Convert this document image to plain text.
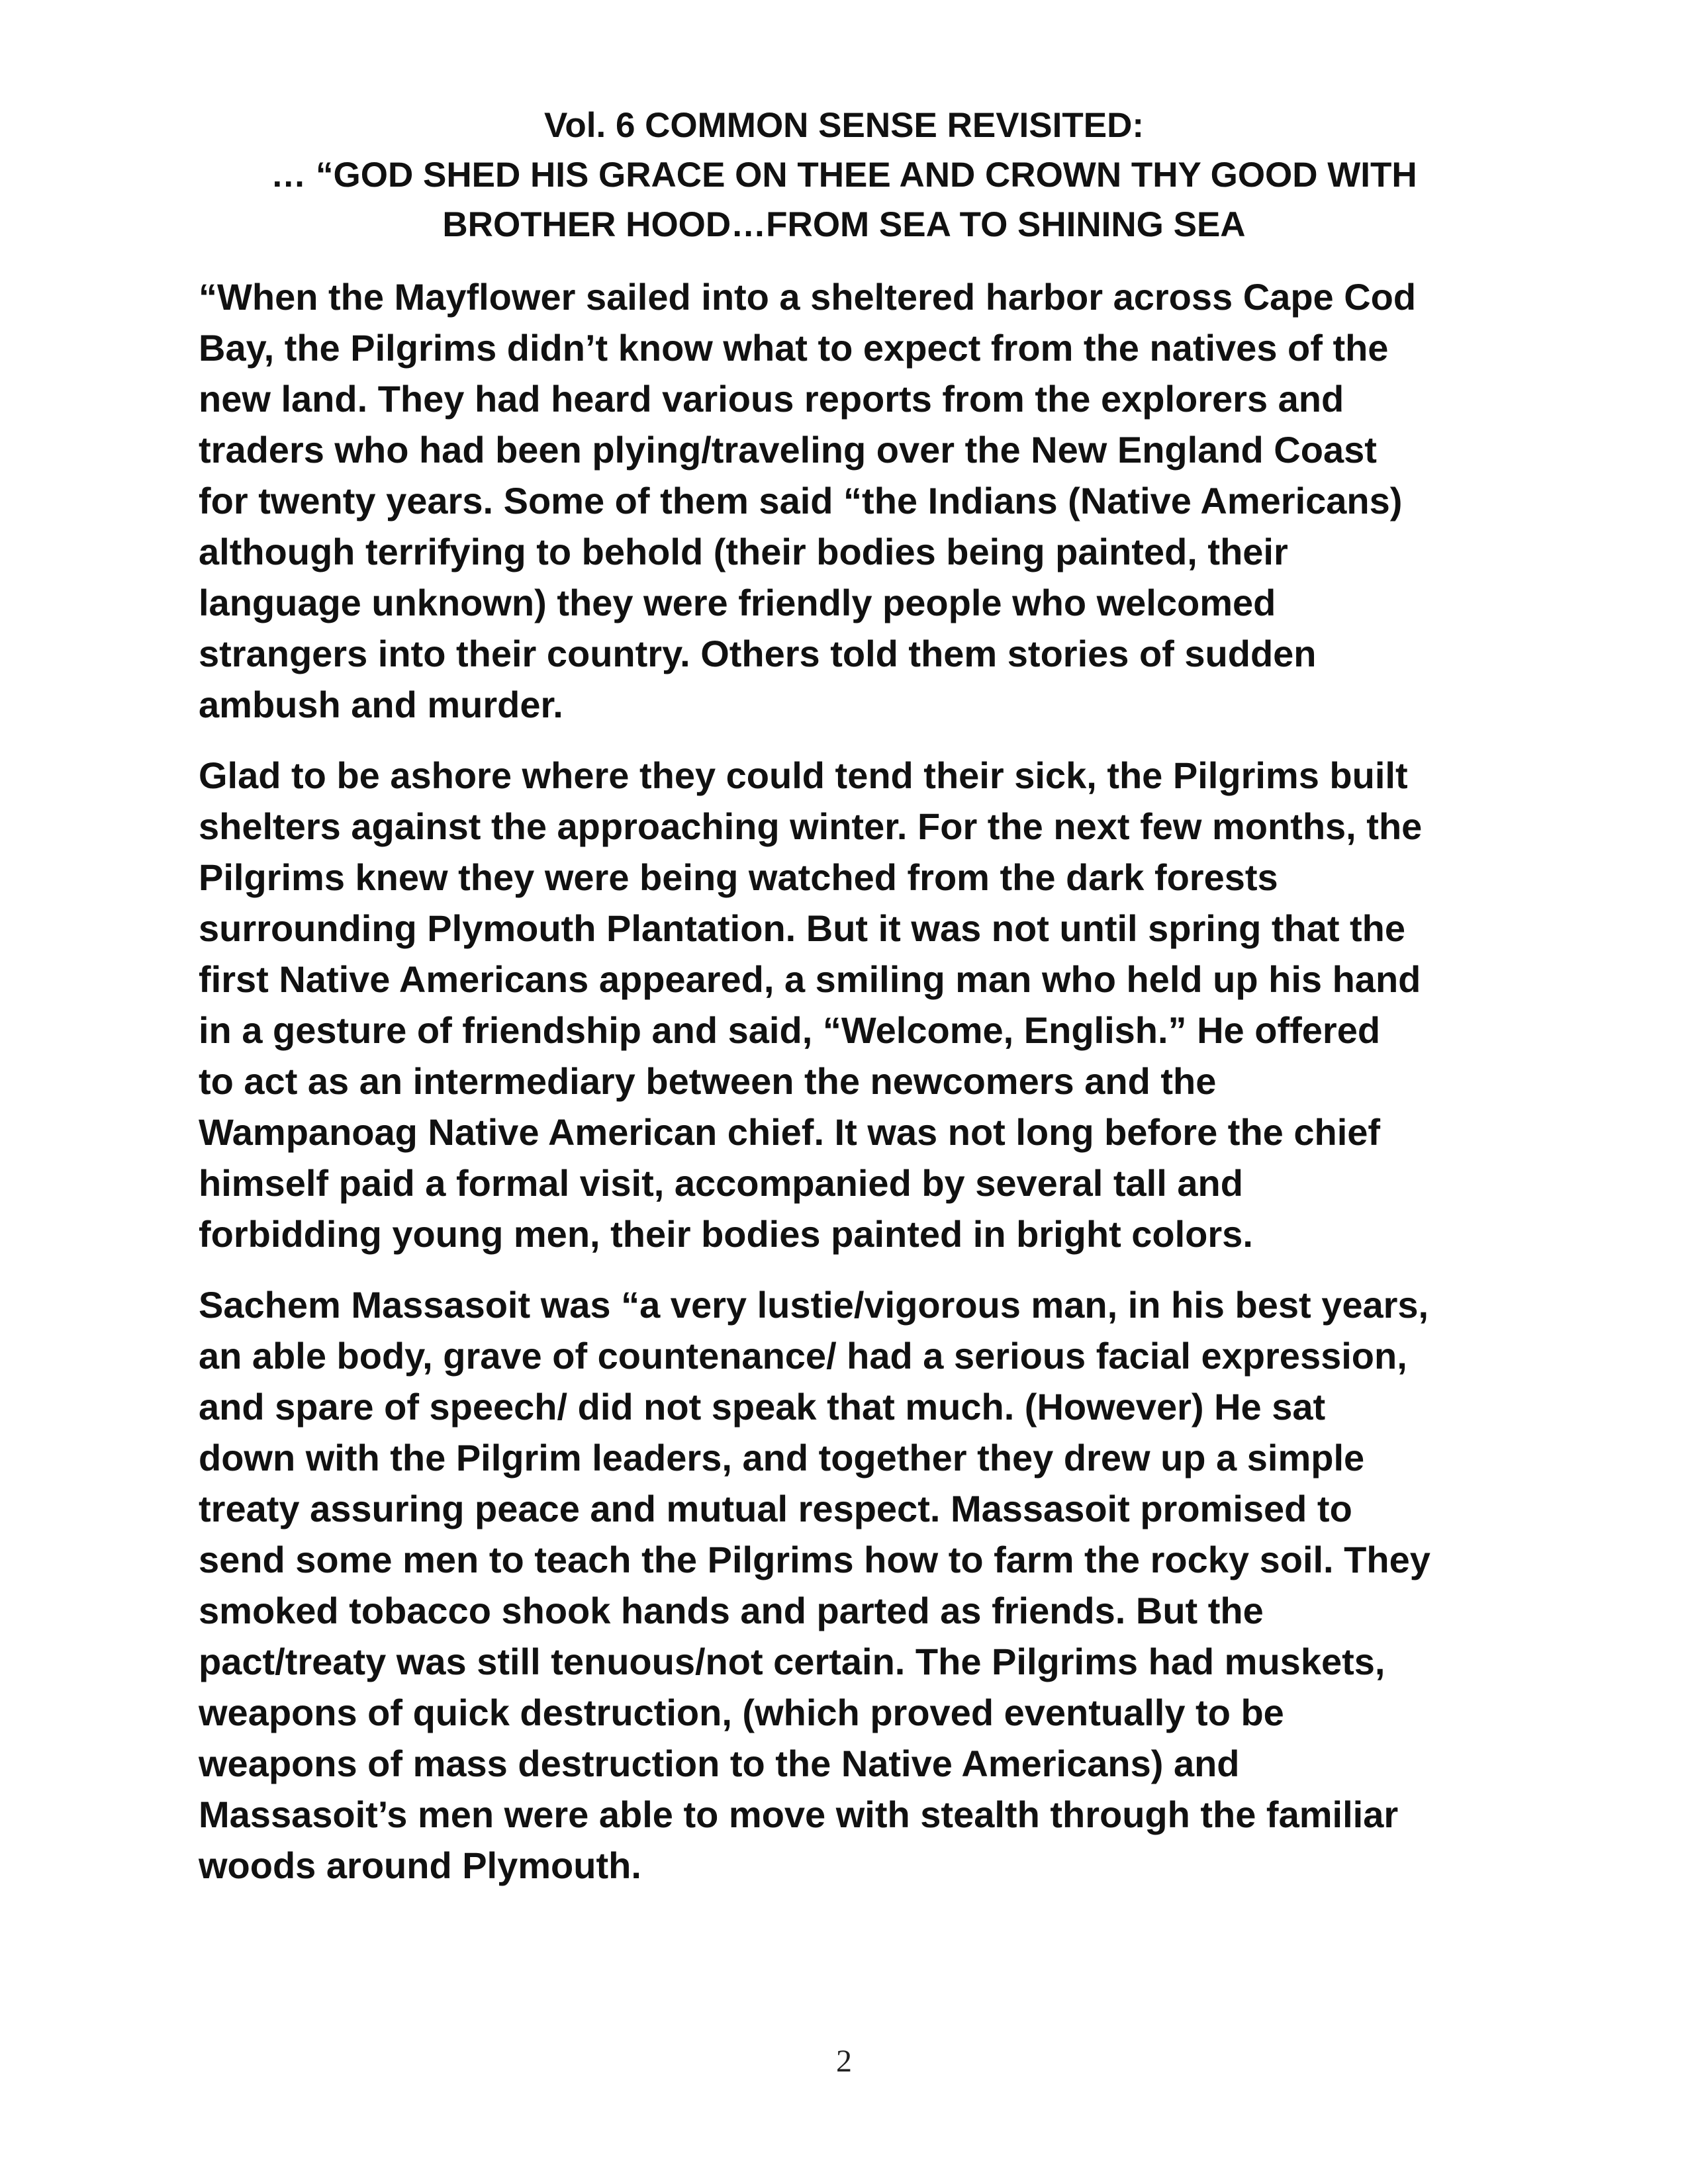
Vol. 6 COMMON SENSE REVISITED:
… “GOD SHED HIS GRACE ON THEE AND CROWN THY GOOD WITH
BROTHER HOOD…FROM SEA TO SHINING SEA

“When the Mayflower sailed into a sheltered harbor across Cape Cod
Bay, the Pilgrims didn’t know what to expect from the natives of the
new land. They had heard various reports from the explorers and
traders who had been plying/traveling over the New England Coast
for twenty years. Some of them said “the Indians (Native Americans)
although terrifying to behold (their bodies being painted, their
language unknown) they were friendly people who welcomed
strangers into their country. Others told them stories of sudden
ambush and murder.

Glad to be ashore where they could tend their sick, the Pilgrims built
shelters against the approaching winter. For the next few months, the
Pilgrims knew they were being watched from the dark forests
surrounding Plymouth Plantation. But it was not until spring that the
first Native Americans appeared, a smiling man who held up his hand
in a gesture of friendship and said, “Welcome, English.” He offered
to act as an intermediary between the newcomers and the
Wampanoag Native American chief. It was not long before the chief
himself paid a formal visit, accompanied by several tall and
forbidding young men, their bodies painted in bright colors.

Sachem Massasoit was “a very lustie/vigorous man, in his best years,
an able body, grave of countenance/ had a serious facial expression,
and spare of speech/ did not speak that much. (However) He sat
down with the Pilgrim leaders, and together they drew up a simple
treaty assuring peace and mutual respect. Massasoit promised to
send some men to teach the Pilgrims how to farm the rocky soil. They
smoked tobacco shook hands and parted as friends. But the
pact/treaty was still tenuous/not certain. The Pilgrims had muskets,
weapons of quick destruction, (which proved eventually to be
weapons of mass destruction to the Native Americans) and
Massasoit’s men were able to move with stealth through the familiar
woods around Plymouth.

2
